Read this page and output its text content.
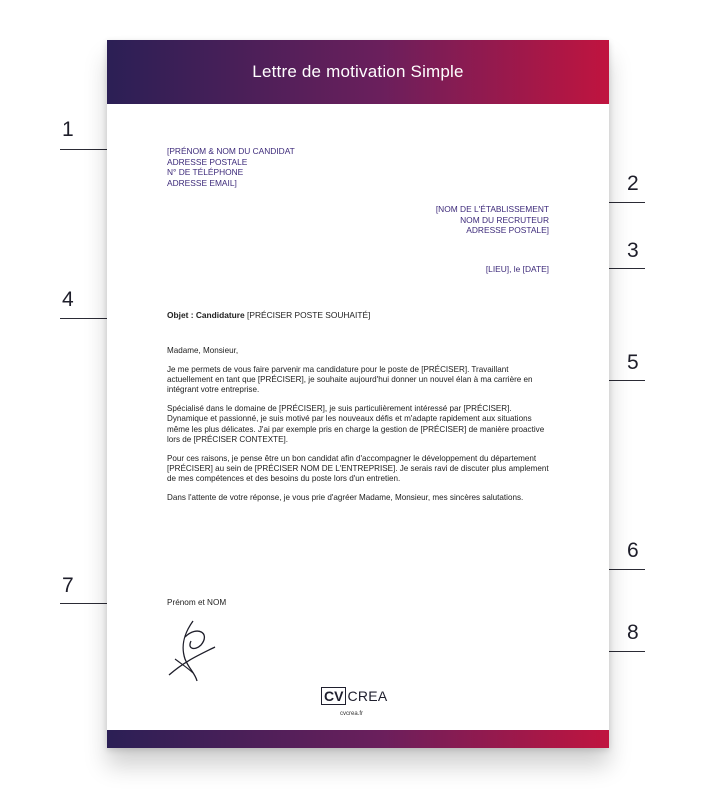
1
2
3
4
5
6
7
8
Lettre de motivation Simple
[PRÉNOM & NOM DU CANDIDAT
ADRESSE POSTALE
N° DE TÉLÉPHONE
ADRESSE EMAIL]
[NOM DE L'ÉTABLISSEMENT
NOM DU RECRUTEUR
ADRESSE POSTALE]
[LIEU], le [DATE]
Objet : Candidature [PRÉCISER POSTE SOUHAITÉ]

Madame, Monsieur,

Je me permets de vous faire parvenir ma candidature pour le poste de [PRÉCISER]. Travaillant actuellement en tant que [PRÉCISER], je souhaite aujourd'hui donner un nouvel élan à ma carrière en intégrant votre entreprise.

Spécialisé dans le domaine de [PRÉCISER], je suis particulièrement intéressé par [PRÉCISER]. Dynamique et passionné, je suis motivé par les nouveaux défis et m'adapte rapidement aux situations même les plus délicates. J'ai par exemple pris en charge la gestion de [PRÉCISER] de manière proactive lors de [PRÉCISER CONTEXTE].

Pour ces raisons, je pense être un bon candidat afin d'accompagner le développement du département [PRÉCISER] au sein de [PRÉCISER NOM DE L'ENTREPRISE]. Je serais ravi de discuter plus amplement de mes compétences et des besoins du poste lors d'un entretien.

Dans l'attente de votre réponse, je vous prie d'agréer Madame, Monsieur, mes sincères salutations.

Prénom et NOM
CV CREA
cvcrea.fr
